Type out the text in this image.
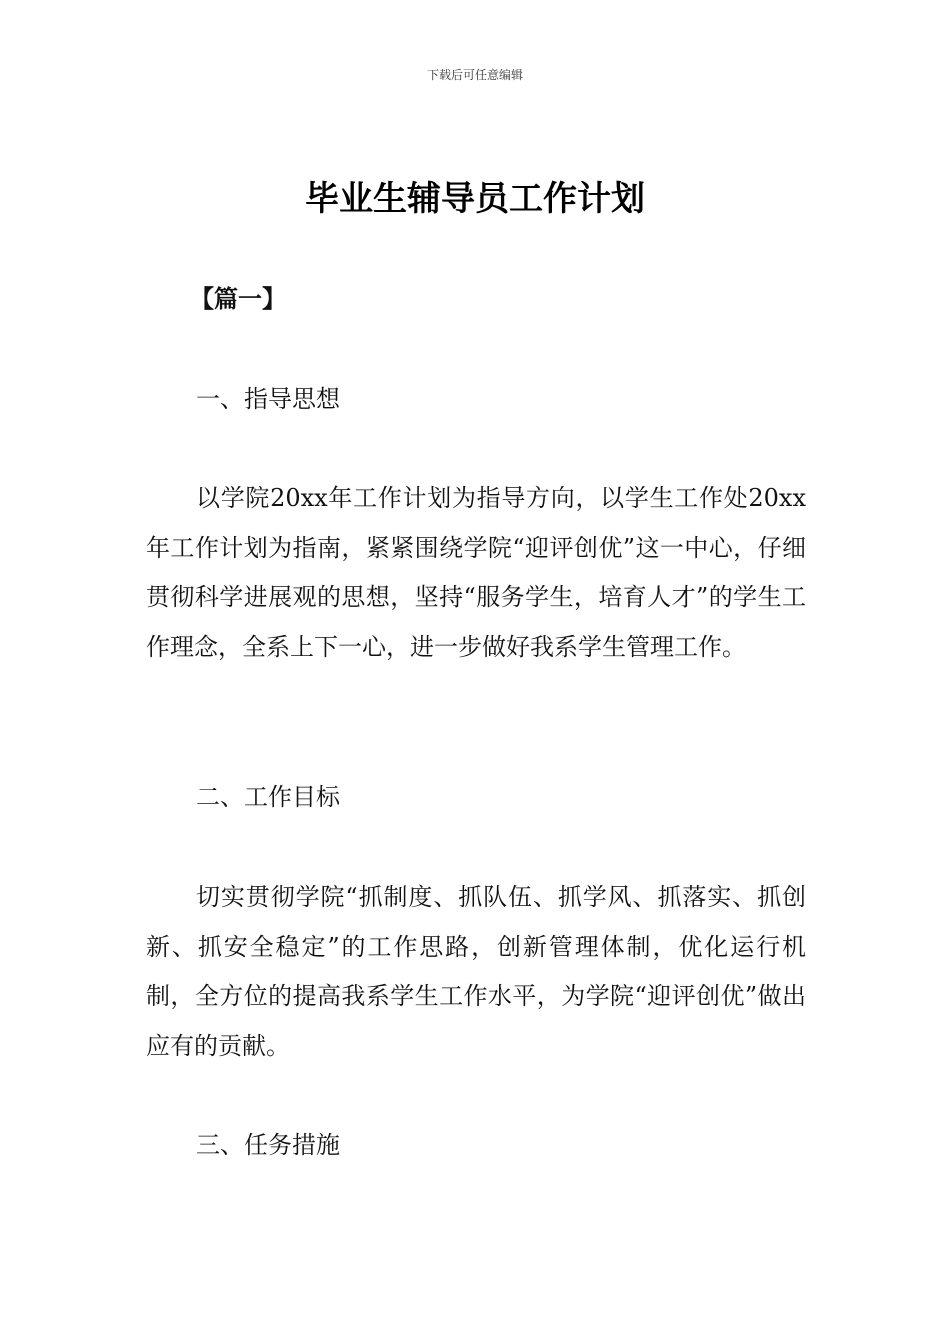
下载后可任意编辑
毕业生辅导员工作计划
【篇一】
一、指导思想

以学院20xx年工作计划为指导方向，以学生工作处20xx年工作计划为指南，紧紧围绕学院“迎评创优”这一中心，仔细贯彻科学进展观的思想，坚持“服务学生，培育人才”的学生工作理念，全系上下一心，进一步做好我系学生管理工作。

二、工作目标

切实贯彻学院“抓制度、抓队伍、抓学风、抓落实、抓创新、抓安全稳定”的工作思路，创新管理体制，优化运行机制，全方位的提高我系学生工作水平，为学院“迎评创优”做出应有的贡献。

三、任务措施
